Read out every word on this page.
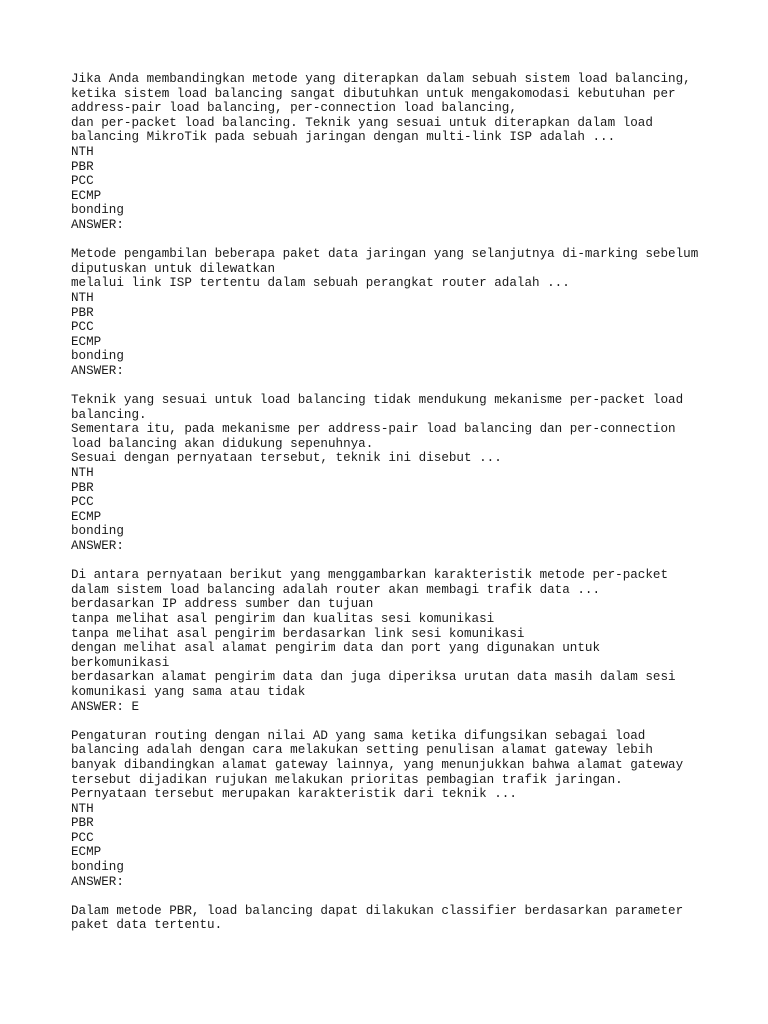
Jika Anda membandingkan metode yang diterapkan dalam sebuah sistem load balancing,
ketika sistem load balancing sangat dibutuhkan untuk mengakomodasi kebutuhan per
address-pair load balancing, per-connection load balancing,
dan per-packet load balancing. Teknik yang sesuai untuk diterapkan dalam load
balancing MikroTik pada sebuah jaringan dengan multi-link ISP adalah ...
NTH
PBR
PCC
ECMP
bonding
ANSWER:
Metode pengambilan beberapa paket data jaringan yang selanjutnya di-marking sebelum
diputuskan untuk dilewatkan
melalui link ISP tertentu dalam sebuah perangkat router adalah ...
NTH
PBR
PCC
ECMP
bonding
ANSWER:
Teknik yang sesuai untuk load balancing tidak mendukung mekanisme per-packet load
balancing.
Sementara itu, pada mekanisme per address-pair load balancing dan per-connection
load balancing akan didukung sepenuhnya.
Sesuai dengan pernyataan tersebut, teknik ini disebut ...
NTH
PBR
PCC
ECMP
bonding
ANSWER:
Di antara pernyataan berikut yang menggambarkan karakteristik metode per-packet
dalam sistem load balancing adalah router akan membagi trafik data ...
berdasarkan IP address sumber dan tujuan
tanpa melihat asal pengirim dan kualitas sesi komunikasi
tanpa melihat asal pengirim berdasarkan link sesi komunikasi
dengan melihat asal alamat pengirim data dan port yang digunakan untuk
berkomunikasi
berdasarkan alamat pengirim data dan juga diperiksa urutan data masih dalam sesi
komunikasi yang sama atau tidak
ANSWER: E
Pengaturan routing dengan nilai AD yang sama ketika difungsikan sebagai load
balancing adalah dengan cara melakukan setting penulisan alamat gateway lebih
banyak dibandingkan alamat gateway lainnya, yang menunjukkan bahwa alamat gateway
tersebut dijadikan rujukan melakukan prioritas pembagian trafik jaringan.
Pernyataan tersebut merupakan karakteristik dari teknik ...
NTH
PBR
PCC
ECMP
bonding
ANSWER:
Dalam metode PBR, load balancing dapat dilakukan classifier berdasarkan parameter
paket data tertentu.
